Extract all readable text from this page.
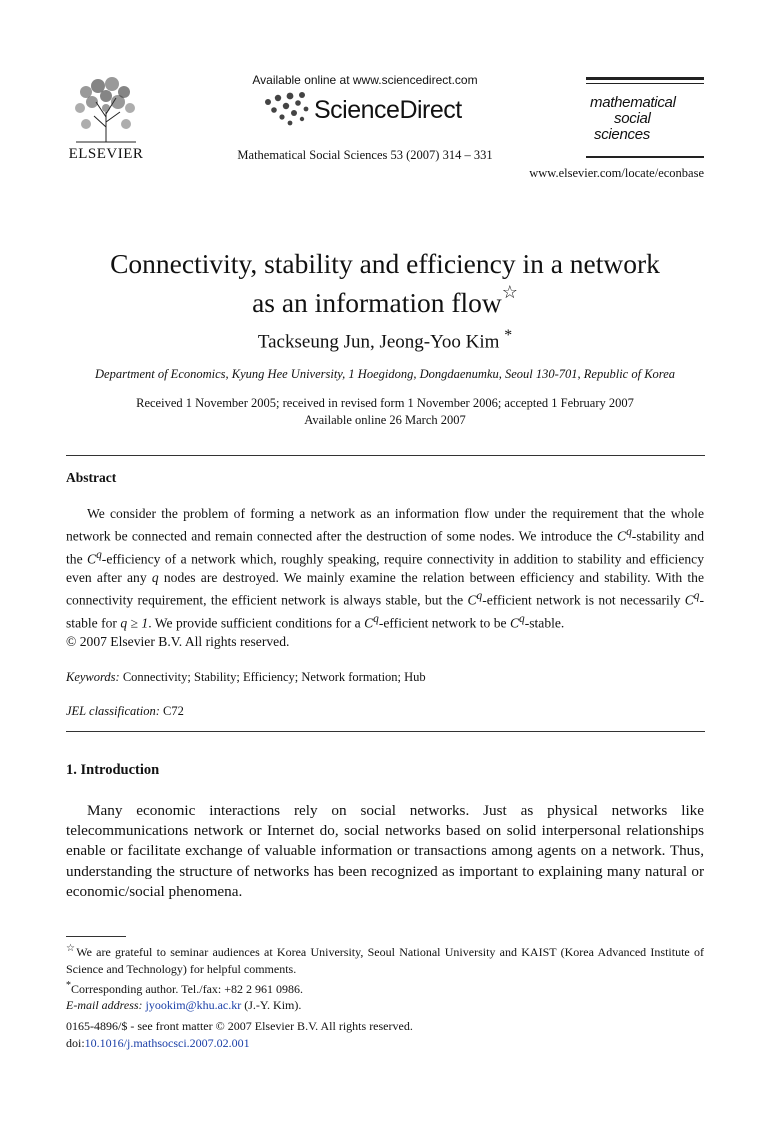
ELSEVIER
Available online at www.sciencedirect.com
ScienceDirect
Mathematical Social Sciences 53 (2007) 314 – 331
mathematical
social
sciences
www.elsevier.com/locate/econbase
Connectivity, stability and efficiency in a network
as an information flow☆
Tackseung Jun, Jeong-Yoo Kim *
Department of Economics, Kyung Hee University, 1 Hoegidong, Dongdaenumku, Seoul 130-701, Republic of Korea
Received 1 November 2005; received in revised form 1 November 2006; accepted 1 February 2007
Available online 26 March 2007
Abstract
We consider the problem of forming a network as an information flow under the requirement that the whole network be connected and remain connected after the destruction of some nodes. We introduce the $C^q$-stability and the $C^q$-efficiency of a network which, roughly speaking, require connectivity in addition to stability and efficiency even after any q nodes are destroyed. We mainly examine the relation between efficiency and stability. With the connectivity requirement, the efficient network is always stable, but the $C^q$-efficient network is not necessarily $C^q$-stable for q ≥ 1. We provide sufficient conditions for a $C^q$-efficient network to be $C^q$-stable.
© 2007 Elsevier B.V. All rights reserved.
Keywords: Connectivity; Stability; Efficiency; Network formation; Hub
JEL classification: C72
1. Introduction
Many economic interactions rely on social networks. Just as physical networks like telecommunications network or Internet do, social networks based on solid interpersonal relationships enable or facilitate exchange of valuable information or transactions among agents on a network. Thus, understanding the structure of networks has been recognized as important to explaining many natural or economic/social phenomena.

☆We are grateful to seminar audiences at Korea University, Seoul National University and KAIST (Korea Advanced Institute of Science and Technology) for helpful comments.

*Corresponding author. Tel./fax: +82 2 961 0986.

E-mail address: jyookim@khu.ac.kr (J.-Y. Kim).

0165-4896/$ - see front matter © 2007 Elsevier B.V. All rights reserved.

doi:10.1016/j.mathsocsci.2007.02.001
